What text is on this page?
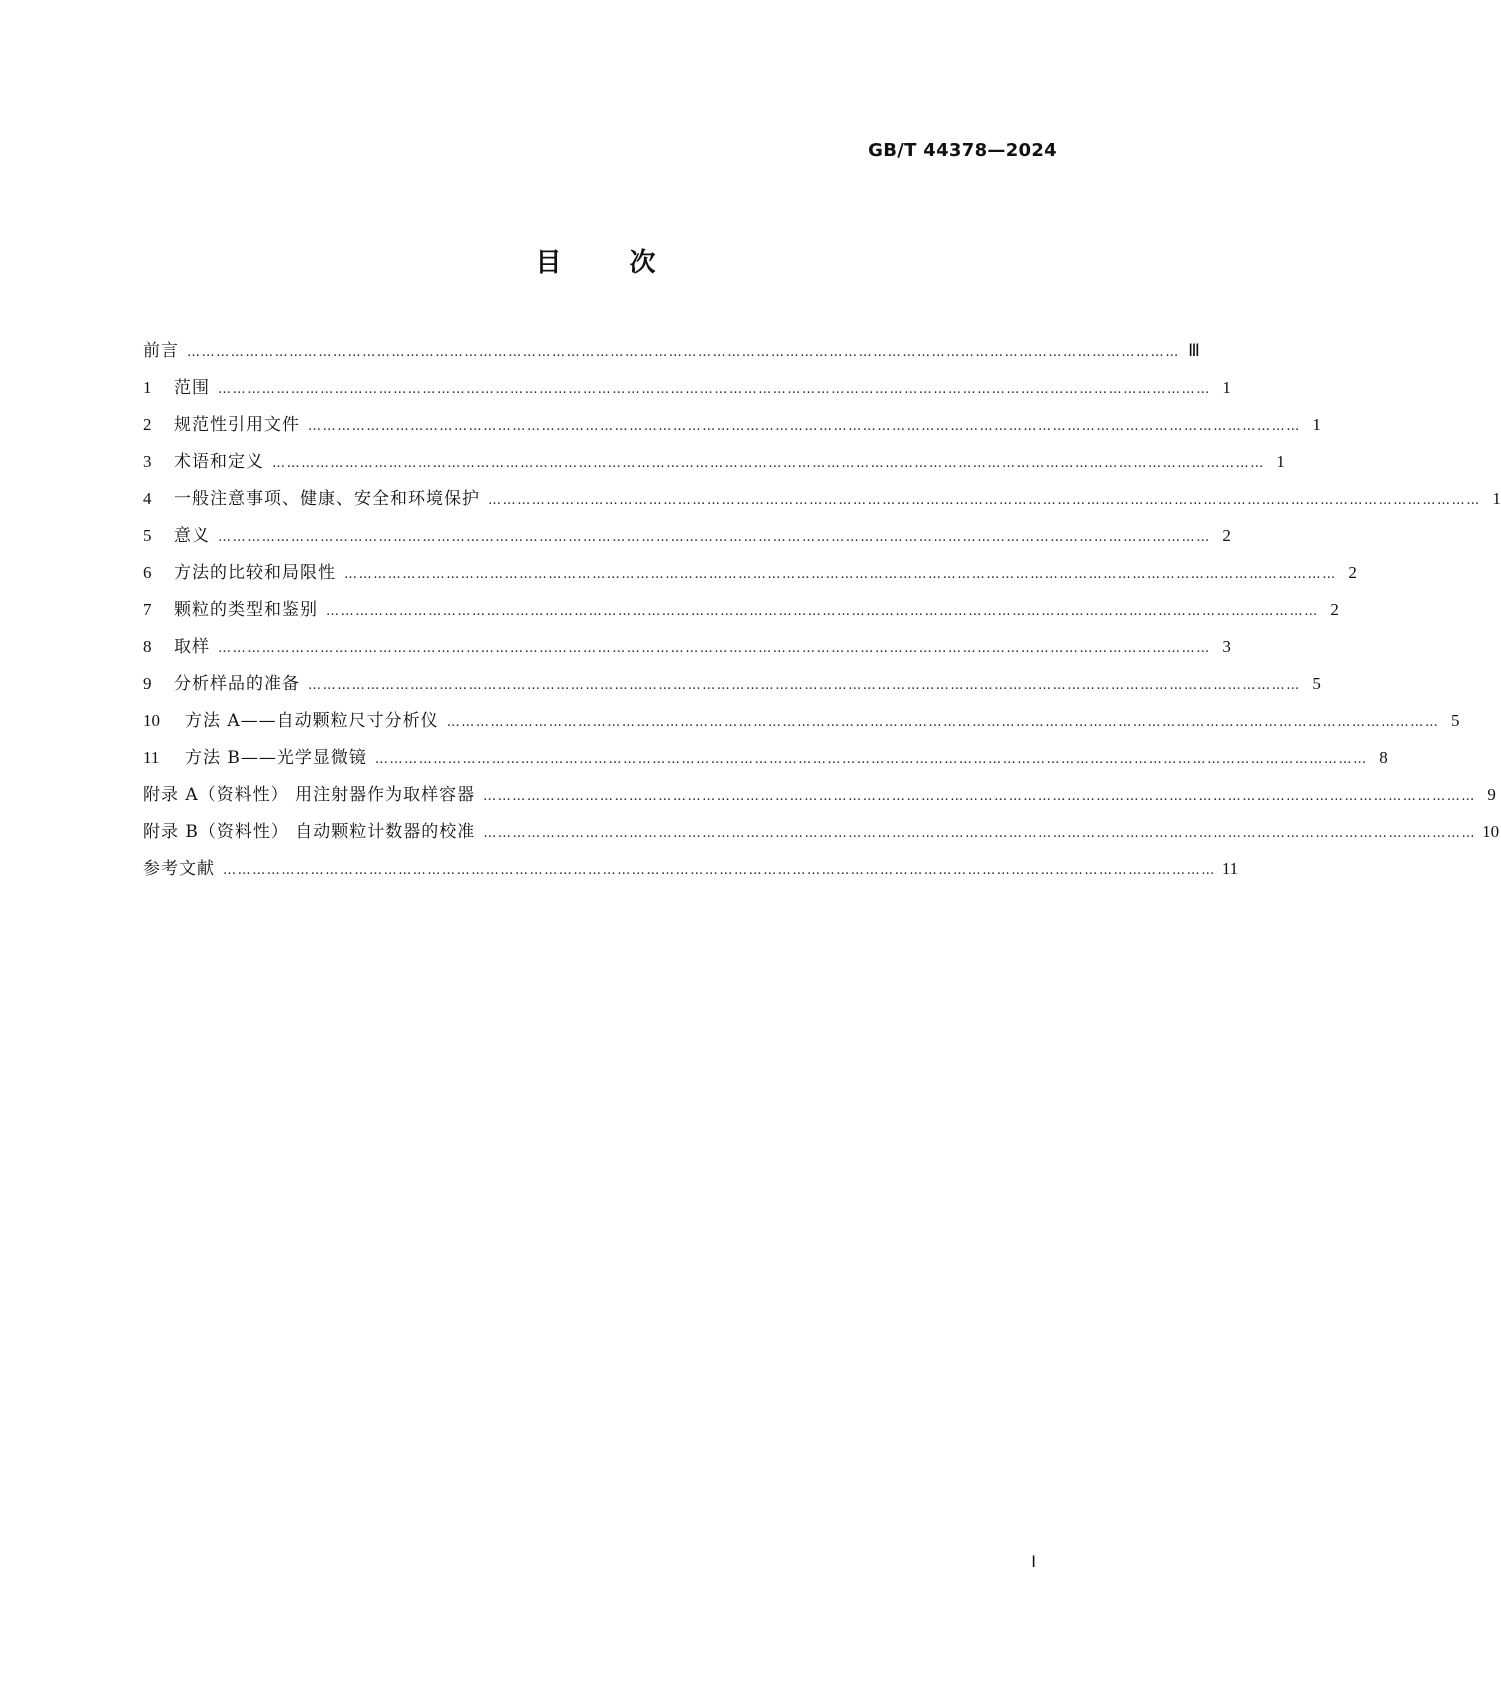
GB/T 44378—2024
目	次
前言 …………………………………………………………………………………………………………………………………………………………………………………… Ⅲ
1	范围 …………………………………………………………………………………………………………………………………………………………………………………… 1
2	规范性引用文件 …………………………………………………………………………………………………………………………………………………………………………………… 1
3	术语和定义 …………………………………………………………………………………………………………………………………………………………………………………… 1
4	一般注意事项、健康、安全和环境保护 …………………………………………………………………………………………………………………………………………………………………………………… 1
5	意义 …………………………………………………………………………………………………………………………………………………………………………………… 2
6	方法的比较和局限性 …………………………………………………………………………………………………………………………………………………………………………………… 2
7	颗粒的类型和鉴别 …………………………………………………………………………………………………………………………………………………………………………………… 2
8	取样 …………………………………………………………………………………………………………………………………………………………………………………… 3
9	分析样品的准备 …………………………………………………………………………………………………………………………………………………………………………………… 5
10	方法 A——自动颗粒尺寸分析仪 …………………………………………………………………………………………………………………………………………………………………………………… 5
11	方法 B——光学显微镜 …………………………………………………………………………………………………………………………………………………………………………………… 8
附录 A（资料性） 用注射器作为取样容器 …………………………………………………………………………………………………………………………………………………………………………………… 9
附录 B（资料性） 自动颗粒计数器的校准 …………………………………………………………………………………………………………………………………………………………………………………… 10
参考文献 …………………………………………………………………………………………………………………………………………………………………………………… 11
Ⅰ
